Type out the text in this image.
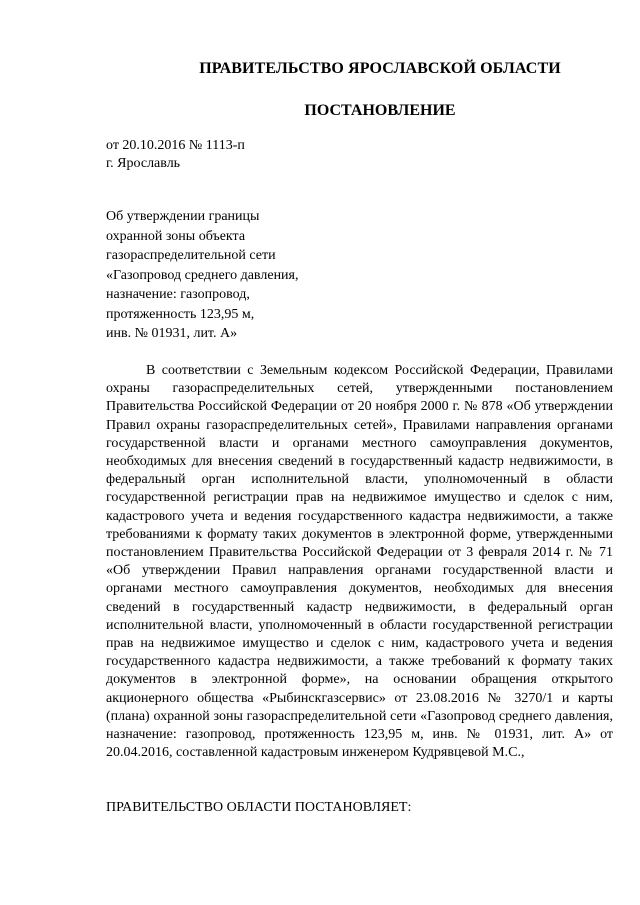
ПРАВИТЕЛЬСТВО ЯРОСЛАВСКОЙ ОБЛАСТИ
ПОСТАНОВЛЕНИЕ
от 20.10.2016 № 1113-п
г. Ярославль
Об утверждении границы
охранной зоны объекта
газораспределительной сети
«Газопровод среднего давления,
назначение: газопровод,
протяженность 123,95 м,
инв. № 01931, лит. А»

В соответствии с Земельным кодексом Российской Федерации, Правилами охраны газораспределительных сетей, утвержденными постановлением Правительства Российской Федерации от 20 ноября 2000 г. № 878 «Об утверждении Правил охраны газораспределительных сетей», Правилами направления органами государственной власти и органами местного самоуправления документов, необходимых для внесения сведений в государственный кадастр недвижимости, в федеральный орган исполнительной власти, уполномоченный в области государственной регистрации прав на недвижимое имущество и сделок с ним, кадастрового учета и ведения государственного кадастра недвижимости, а также требованиями к формату таких документов в электронной форме, утвержденными постановлением Правительства Российской Федерации от 3 февраля 2014 г. № 71 «Об утверждении Правил направления органами государственной власти и органами местного самоуправления документов, необходимых для внесения сведений в государственный кадастр недвижимости, в федеральный орган исполнительной власти, уполномоченный в области государственной регистрации прав на недвижимое имущество и сделок с ним, кадастрового учета и ведения государственного кадастра недвижимости, а также требований к формату таких документов в электронной форме», на основании обращения открытого акционерного общества «Рыбинскгазсервис» от 23.08.2016 № 3270/1 и карты (плана) охранной зоны газораспределительной сети «Газопровод среднего давления, назначение: газопровод, протяженность 123,95 м, инв. № 01931, лит. А» от 20.04.2016, составленной кадастровым инженером Кудрявцевой М.С.,

ПРАВИТЕЛЬСТВО ОБЛАСТИ ПОСТАНОВЛЯЕТ:
